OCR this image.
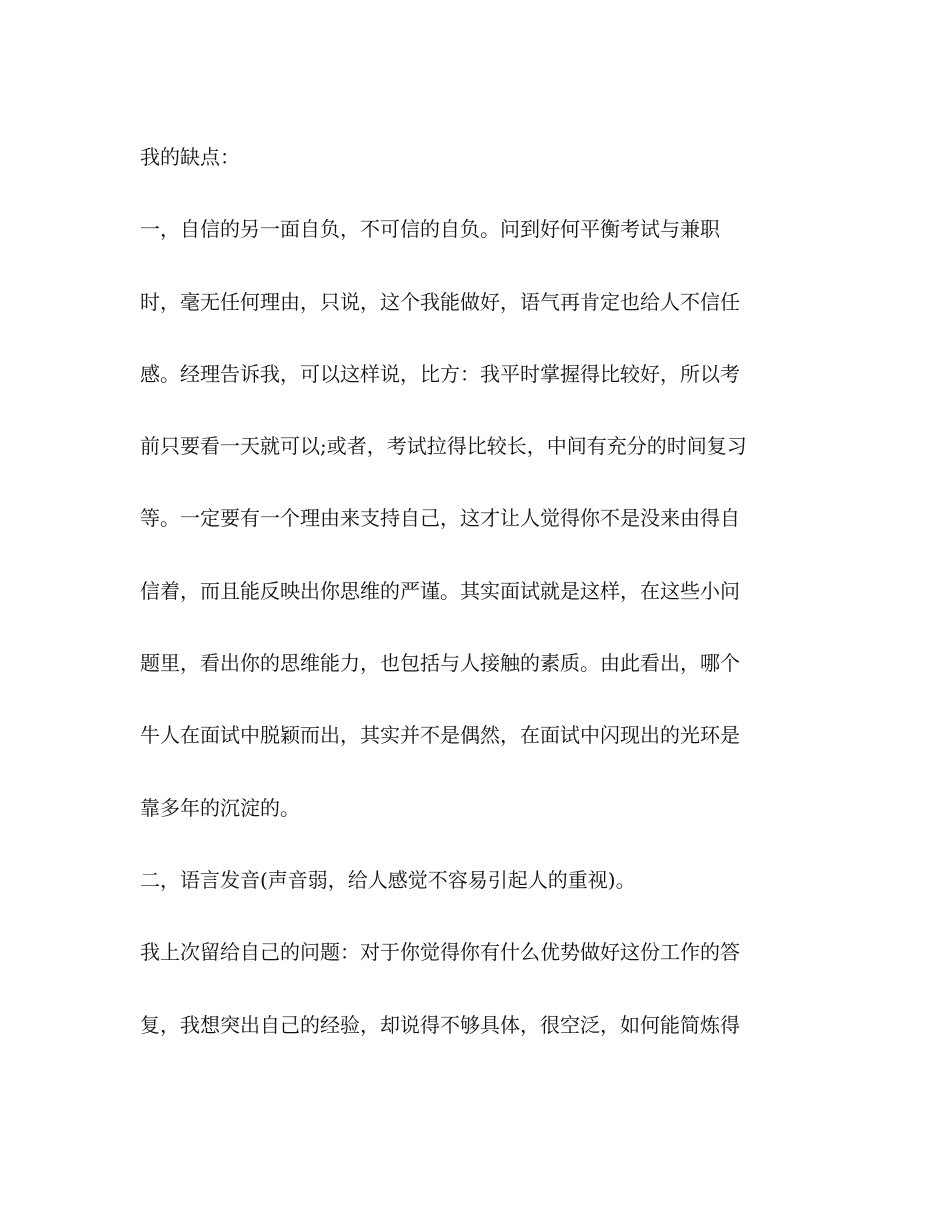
我的缺点：
一，自信的另一面自负，不可信的自负。问到好何平衡考试与兼职
时，毫无任何理由，只说，这个我能做好，语气再肯定也给人不信任
感。经理告诉我，可以这样说，比方：我平时掌握得比较好，所以考
前只要看一天就可以;或者，考试拉得比较长，中间有充分的时间复习
等。一定要有一个理由来支持自己，这才让人觉得你不是没来由得自
信着，而且能反映出你思维的严谨。其实面试就是这样，在这些小问
题里，看出你的思维能力，也包括与人接触的素质。由此看出，哪个
牛人在面试中脱颖而出，其实并不是偶然，在面试中闪现出的光环是
靠多年的沉淀的。
二，语言发音(声音弱，给人感觉不容易引起人的重视)。
我上次留给自己的问题：对于你觉得你有什么优势做好这份工作的答
复，我想突出自己的经验，却说得不够具体，很空泛，如何能简炼得
